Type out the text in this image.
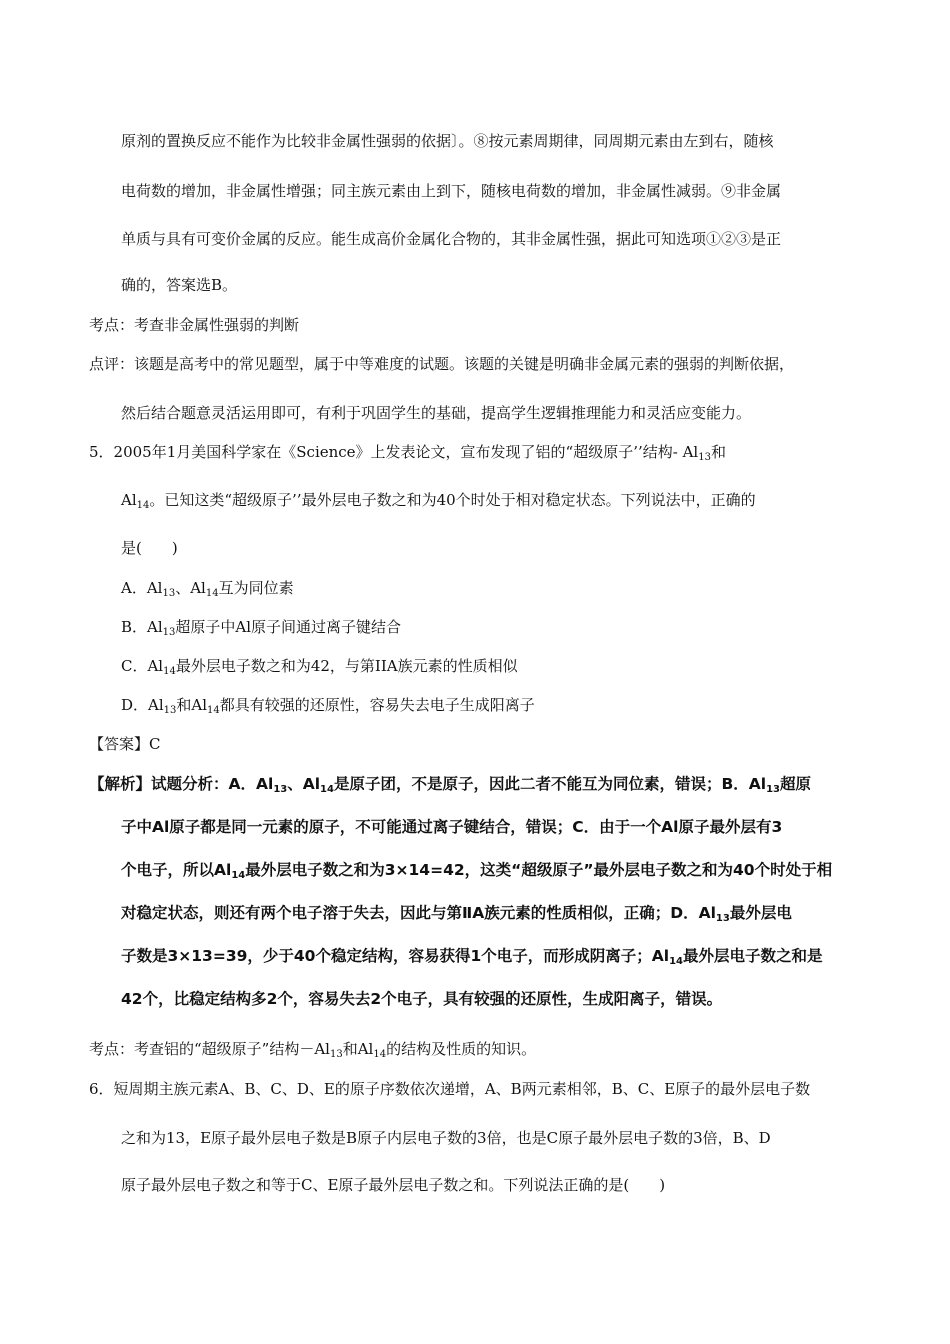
原剂的置换反应不能作为比较非金属性强弱的依据〕。⑧按元素周期律，同周期元素由左到右，随核
电荷数的增加，非金属性增强；同主族元素由上到下，随核电荷数的增加，非金属性减弱。⑨非金属
单质与具有可变价金属的反应。能生成高价金属化合物的，其非金属性强，据此可知选项①②③是正
确的，答案选B。
考点：考查非金属性强弱的判断
点评：该题是高考中的常见题型，属于中等难度的试题。该题的关键是明确非金属元素的强弱的判断依据，
然后结合题意灵活运用即可，有利于巩固学生的基础，提高学生逻辑推理能力和灵活应变能力。
5．2005年1月美国科学家在《Science》上发表论文，宣布发现了铝的“超级原子’’结构- $Al_{13}$和
$Al_{14}$。已知这类“超级原子’’最外层电子数之和为40个时处于相对稳定状态。下列说法中，正确的
是(　　)
A．$Al_{13}$、$Al_{14}$互为同位素
B．$Al_{13}$超原子中Al原子间通过离子键结合
C．$Al_{14}$最外层电子数之和为42，与第IIA族元素的性质相似
D．$Al_{13}$和$Al_{14}$都具有较强的还原性，容易失去电子生成阳离子
【答案】C
【解析】试题分析：A．$Al_{13}$、$Al_{14}$是原子团，不是原子，因此二者不能互为同位素，错误；B．$Al_{13}$超原
子中Al原子都是同一元素的原子，不可能通过离子键结合，错误；C．由于一个Al原子最外层有3
个电子，所以$Al_{14}$最外层电子数之和为3×14=42，这类“超级原子”最外层电子数之和为40个时处于相
对稳定状态，则还有两个电子溶于失去，因此与第ⅡA族元素的性质相似，正确；D．$Al_{13}$最外层电
子数是3×13=39，少于40个稳定结构，容易获得1个电子，而形成阴离子；$Al_{14}$最外层电子数之和是
42个，比稳定结构多2个，容易失去2个电子，具有较强的还原性，生成阳离子，错误。
考点：考查铝的“超级原子”结构$-Al_{13}$和$Al_{14}$的结构及性质的知识。
6．短周期主族元素A、B、C、D、E的原子序数依次递增，A、B两元素相邻，B、C、E原子的最外层电子数
之和为13，E原子最外层电子数是B原子内层电子数的3倍，也是C原子最外层电子数的3倍，B、D
原子最外层电子数之和等于C、E原子最外层电子数之和。下列说法正确的是(　　)
